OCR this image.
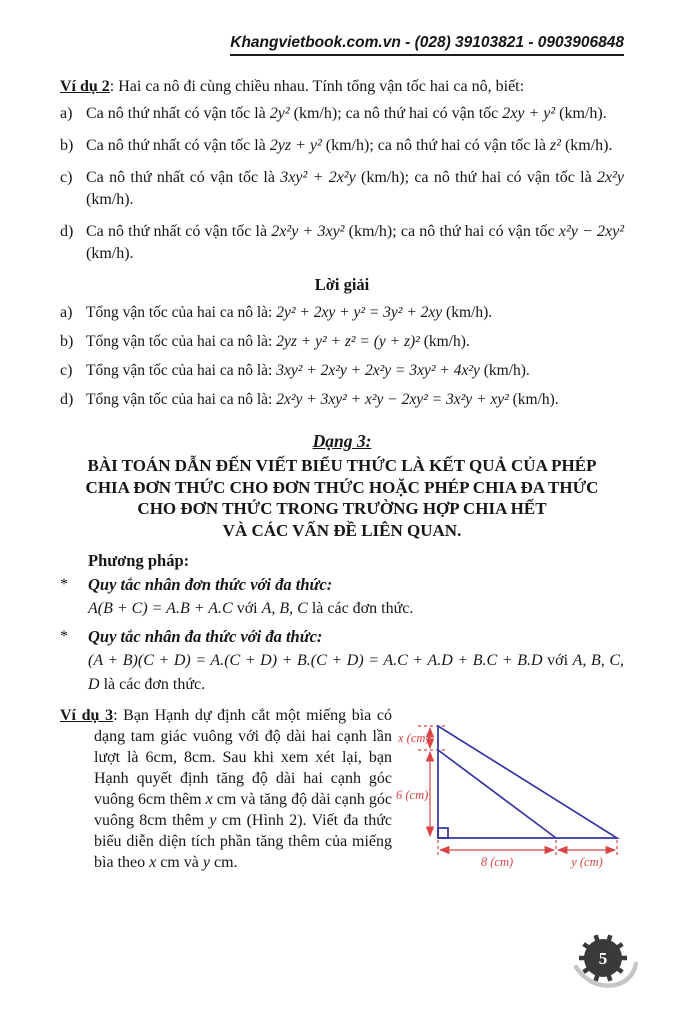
Khangvietbook.com.vn - (028) 39103821 - 0903906848

Ví dụ 2: Hai ca nô đi cùng chiều nhau. Tính tổng vận tốc hai ca nô, biết:

a) Ca nô thứ nhất có vận tốc là 2y² (km/h); ca nô thứ hai có vận tốc 2xy + y² (km/h).
b) Ca nô thứ nhất có vận tốc là 2yz + y² (km/h); ca nô thứ hai có vận tốc là z² (km/h).
c) Ca nô thứ nhất có vận tốc là 3xy² + 2x²y (km/h); ca nô thứ hai có vận tốc là 2x²y (km/h).
d) Ca nô thứ nhất có vận tốc là 2x²y + 3xy² (km/h); ca nô thứ hai có vận tốc x²y − 2xy² (km/h).
Lời giải
a) Tổng vận tốc của hai ca nô là: 2y² + 2xy + y² = 3y² + 2xy (km/h).
b) Tổng vận tốc của hai ca nô là: 2yz + y² + z² = (y + z)² (km/h).
c) Tổng vận tốc của hai ca nô là: 3xy² + 2x²y + 2x²y = 3xy² + 4x²y (km/h).
d) Tổng vận tốc của hai ca nô là: 2x²y + 3xy² + x²y − 2xy² = 3x²y + xy² (km/h).
Dạng 3:
BÀI TOÁN DẪN ĐẾN VIẾT BIỂU THỨC LÀ KẾT QUẢ CỦA PHÉP
CHIA ĐƠN THỨC CHO ĐƠN THỨC HOẶC PHÉP CHIA ĐA THỨC
CHO ĐƠN THỨC TRONG TRƯỜNG HỢP CHIA HẾT
VÀ CÁC VẤN ĐỀ LIÊN QUAN.
Phương pháp:
*	Quy tắc nhân đơn thức với đa thức:
A(B + C) = A.B + A.C với A, B, C là các đơn thức.
*	Quy tắc nhân đa thức với đa thức:
(A + B)(C + D) = A.(C + D) + B.(C + D) = A.C + A.D + B.C + B.D với A, B, C, D là các đơn thức.
Ví dụ 3: Bạn Hạnh dự định cắt một miếng bìa có dạng tam giác vuông với độ dài hai cạnh lần lượt là 6cm, 8cm. Sau khi xem xét lại, bạn Hạnh quyết định tăng độ dài hai cạnh góc vuông 6cm thêm x cm và tăng độ dài cạnh góc vuông 8cm thêm y cm (Hình 2). Viết đa thức biểu diễn diện tích phần tăng thêm của miếng bìa theo x cm và y cm.
x (cm)
6 (cm)
8 (cm)	y (cm)
5
